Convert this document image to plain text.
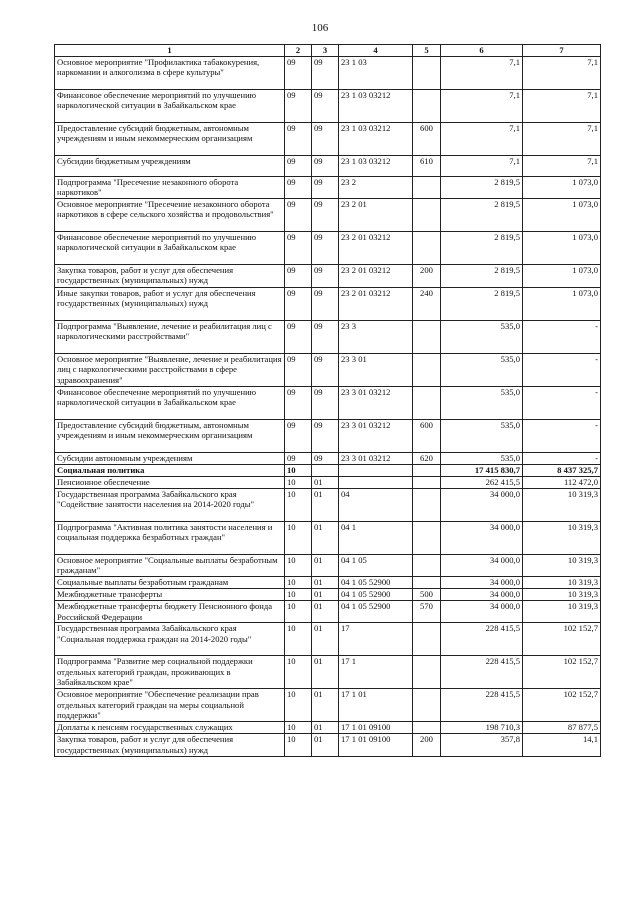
106
1	2	3	4	5	6	7
Основное мероприятие "Профилактика табакокурения, наркомании и алкоголизма в сфере культуры"	09	09	23 1 03		7,1	7,1
Финансовое обеспечение мероприятий по улучшению наркологической ситуации в Забайкальском крае	09	09	23 1 03 03212		7,1	7,1
Предоставление субсидий бюджетным, автономным учреждениям и иным некоммерческим организациям	09	09	23 1 03 03212	600	7,1	7,1
Субсидии бюджетным учреждениям	09	09	23 1 03 03212	610	7,1	7,1
Подпрограмма "Пресечение незаконного оборота наркотиков"	09	09	23 2		2 819,5	1 073,0
Основное мероприятие "Пресечение незаконного оборота наркотиков в сфере сельского хозяйства и продовольствия"	09	09	23 2 01		2 819,5	1 073,0
Финансовое обеспечение мероприятий по улучшению наркологической ситуации в Забайкальском крае	09	09	23 2 01 03212		2 819,5	1 073,0
Закупка товаров, работ и услуг для обеспечения государственных (муниципальных) нужд	09	09	23 2 01 03212	200	2 819,5	1 073,0
Иные закупки товаров, работ и услуг для обеспечения государственных (муниципальных) нужд	09	09	23 2 01 03212	240	2 819,5	1 073,0
Подпрограмма "Выявление, лечение и реабилитация лиц с наркологическими расстройствами"	09	09	23 3		535,0	-
Основное мероприятие "Выявление, лечение и реабилитация лиц с наркологическими расстройствами в сфере здравоохранения"	09	09	23 3 01		535,0	-
Финансовое обеспечение мероприятий по улучшению наркологической ситуации в Забайкальском крае	09	09	23 3 01 03212		535,0	-
Предоставление субсидий бюджетным, автономным учреждениям и иным некоммерческим организациям	09	09	23 3 01 03212	600	535,0	-
Субсидии автономным учреждениям	09	09	23 3 01 03212	620	535,0	-
Социальная политика	10				17 415 830,7	8 437 325,7
Пенсионное обеспечение	10	01			262 415,5	112 472,0
Государственная программа Забайкальского края "Содействие занятости населения на 2014-2020 годы"	10	01	04		34 000,0	10 319,3
Подпрограмма "Активная политика занятости населения и социальная поддержка безработных граждан"	10	01	04 1		34 000,0	10 319,3
Основное мероприятие "Социальные выплаты безработным гражданам"	10	01	04 1 05		34 000,0	10 319,3
Социальные выплаты безработным гражданам	10	01	04 1 05 52900		34 000,0	10 319,3
Межбюджетные трансферты	10	01	04 1 05 52900	500	34 000,0	10 319,3
Межбюджетные трансферты бюджету Пенсионного фонда Российской Федерации	10	01	04 1 05 52900	570	34 000,0	10 319,3
Государственная программа Забайкальского края "Социальная поддержка граждан на 2014-2020 годы"	10	01	17		228 415,5	102 152,7
Подпрограмма "Развитие мер социальной поддержки отдельных категорий граждан, проживающих в Забайкальском крае"	10	01	17 1		228 415,5	102 152,7
Основное мероприятие "Обеспечение реализации прав отдельных категорий граждан на меры социальной поддержки"	10	01	17 1 01		228 415,5	102 152,7
Доплаты к пенсиям государственных служащих	10	01	17 1 01 09100		198 710,3	87 877,5
Закупка товаров, работ и услуг для обеспечения государственных (муниципальных) нужд	10	01	17 1 01 09100	200	357,8	14,1
